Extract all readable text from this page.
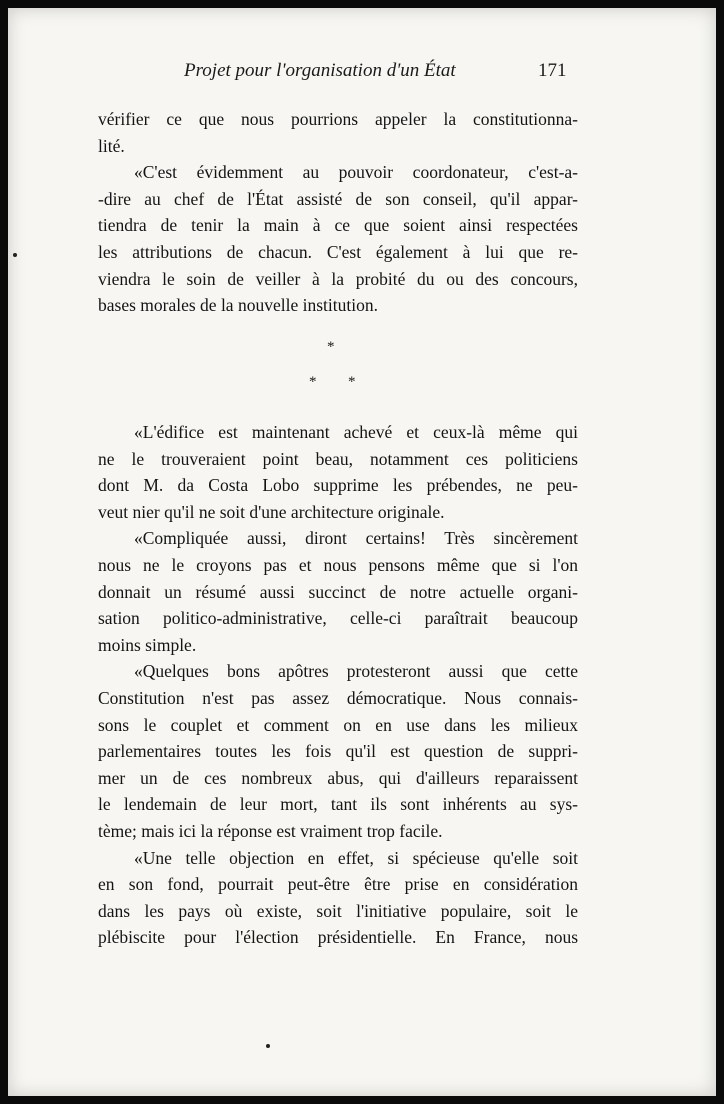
Projet pour l'organisation d'un État	171
vérifier ce que nous pourrions appeler la constitutionna-
lité.
«C'est évidemment au pouvoir coordonateur, c'est-a-
-dire au chef de l'État assisté de son conseil, qu'il appar-
tiendra de tenir la main à ce que soient ainsi respectées
les attributions de chacun. C'est également à lui que re-
viendra le soin de veiller à la probité du ou des concours,
bases morales de la nouvelle institution.
*
* *
«L'édifice est maintenant achevé et ceux-là même qui
ne le trouveraient point beau, notamment ces politiciens
dont M. da Costa Lobo supprime les prébendes, ne peu-
veut nier qu'il ne soit d'une architecture originale.
«Compliquée aussi, diront certains! Très sincèrement
nous ne le croyons pas et nous pensons même que si l'on
donnait un résumé aussi succinct de notre actuelle organi-
sation politico-administrative, celle-ci paraîtrait beaucoup
moins simple.
«Quelques bons apôtres protesteront aussi que cette
Constitution n'est pas assez démocratique. Nous connais-
sons le couplet et comment on en use dans les milieux
parlementaires toutes les fois qu'il est question de suppri-
mer un de ces nombreux abus, qui d'ailleurs reparaissent
le lendemain de leur mort, tant ils sont inhérents au sys-
tème; mais ici la réponse est vraiment trop facile.
«Une telle objection en effet, si spécieuse qu'elle soit
en son fond, pourrait peut-être être prise en considération
dans les pays où existe, soit l'initiative populaire, soit le
plébiscite pour l'élection présidentielle. En France, nous
